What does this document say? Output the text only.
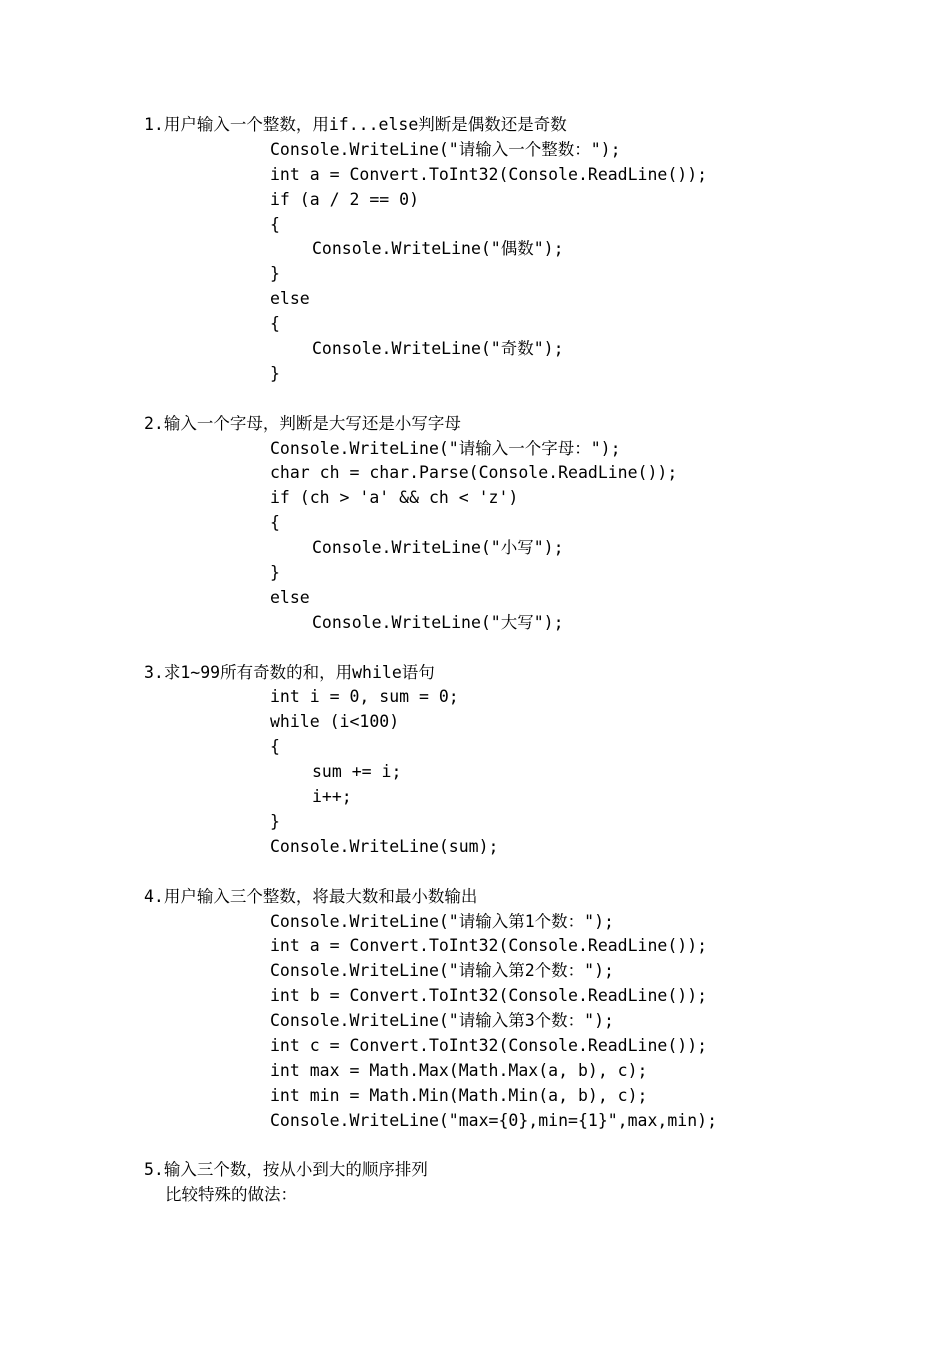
1.用户输入一个整数，用if...else判断是偶数还是奇数
Console.WriteLine("请输入一个整数：");
int a = Convert.ToInt32(Console.ReadLine());
if (a / 2 == 0)
{
Console.WriteLine("偶数");
}
else
{
Console.WriteLine("奇数");
}
2.输入一个字母，判断是大写还是小写字母
Console.WriteLine("请输入一个字母：");
char ch = char.Parse(Console.ReadLine());
if (ch > 'a' && ch < 'z')
{
Console.WriteLine("小写");
}
else
Console.WriteLine("大写");
3.求1~99所有奇数的和，用while语句
int i = 0, sum = 0;
while (i<100)
{
sum += i;
i++;
}
Console.WriteLine(sum);
4.用户输入三个整数，将最大数和最小数输出
Console.WriteLine("请输入第1个数：");
int a = Convert.ToInt32(Console.ReadLine());
Console.WriteLine("请输入第2个数：");
int b = Convert.ToInt32(Console.ReadLine());
Console.WriteLine("请输入第3个数：");
int c = Convert.ToInt32(Console.ReadLine());
int max = Math.Max(Math.Max(a, b), c);
int min = Math.Min(Math.Min(a, b), c);
Console.WriteLine("max={0},min={1}",max,min);
5.输入三个数，按从小到大的顺序排列
比较特殊的做法：
